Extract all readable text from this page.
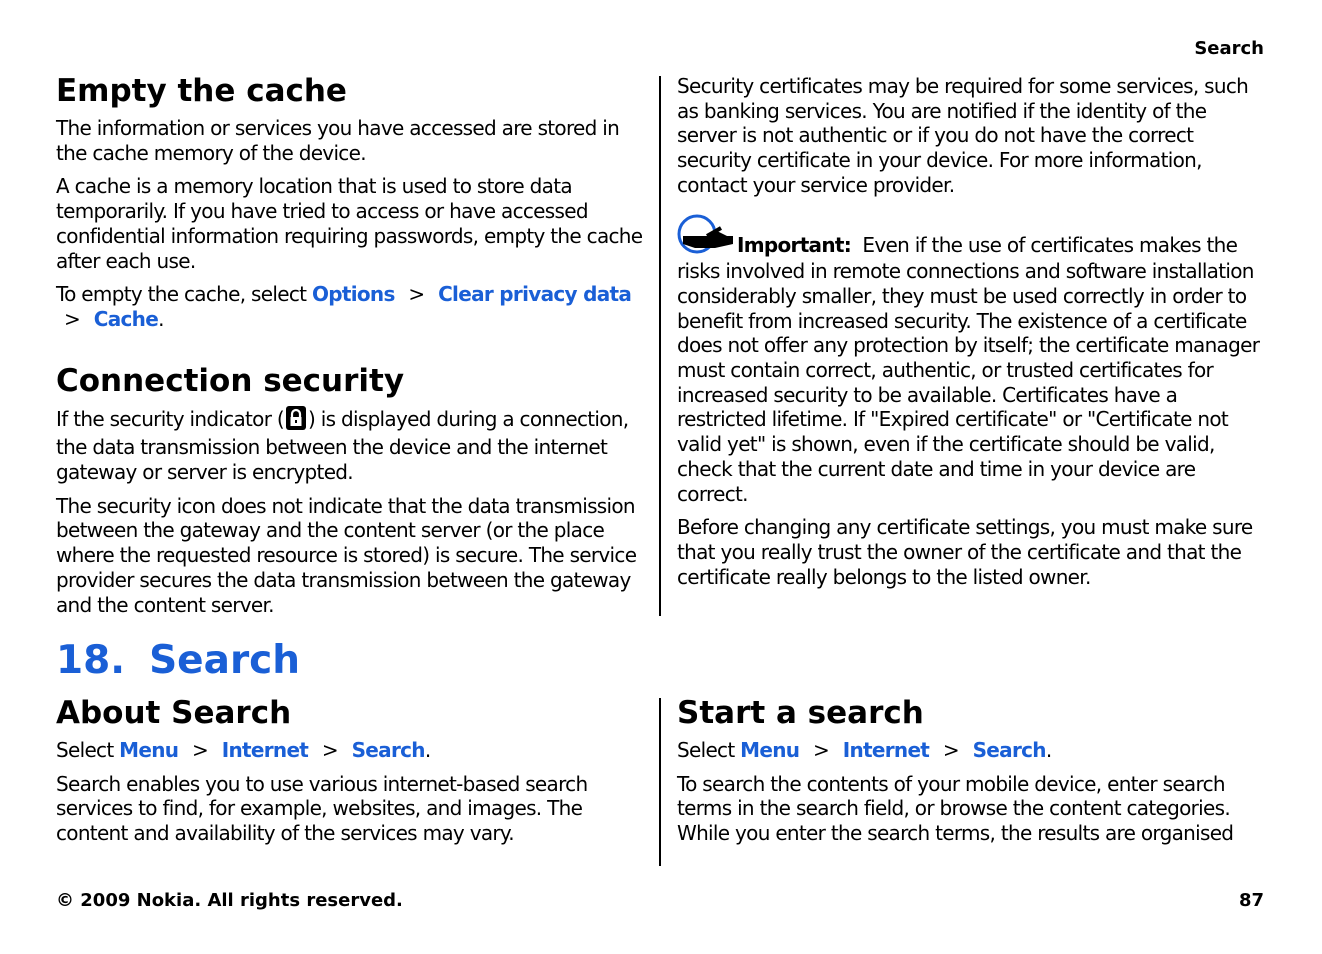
Search
Empty the cache

The information or services you have accessed are stored in the cache memory of the device.

A cache is a memory location that is used to store data temporarily. If you have tried to access or have accessed confidential information requiring passwords, empty the cache after each use.

To empty the cache, select Options > Clear privacy data > Cache.

Connection security

If the security indicator ( ) is displayed during a connection, the data transmission between the device and the internet gateway or server is encrypted.

The security icon does not indicate that the data transmission between the gateway and the content server (or the place where the requested resource is stored) is secure. The service provider secures the data transmission between the gateway and the content server.

Security certificates may be required for some services, such as banking services. You are notified if the identity of the server is not authentic or if you do not have the correct security certificate in your device. For more information, contact your service provider.

Important: Even if the use of certificates makes the risks involved in remote connections and software installation considerably smaller, they must be used correctly in order to benefit from increased security. The existence of a certificate does not offer any protection by itself; the certificate manager must contain correct, authentic, or trusted certificates for increased security to be available. Certificates have a restricted lifetime. If "Expired certificate" or "Certificate not valid yet" is shown, even if the certificate should be valid, check that the current date and time in your device are correct.

Before changing any certificate settings, you must make sure that you really trust the owner of the certificate and that the certificate really belongs to the listed owner.

18. Search
About Search

Select Menu > Internet > Search.

Search enables you to use various internet-based search services to find, for example, websites, and images. The content and availability of the services may vary.

Start a search

Select Menu > Internet > Search.

To search the contents of your mobile device, enter search terms in the search field, or browse the content categories. While you enter the search terms, the results are organised

© 2009 Nokia. All rights reserved.	87
